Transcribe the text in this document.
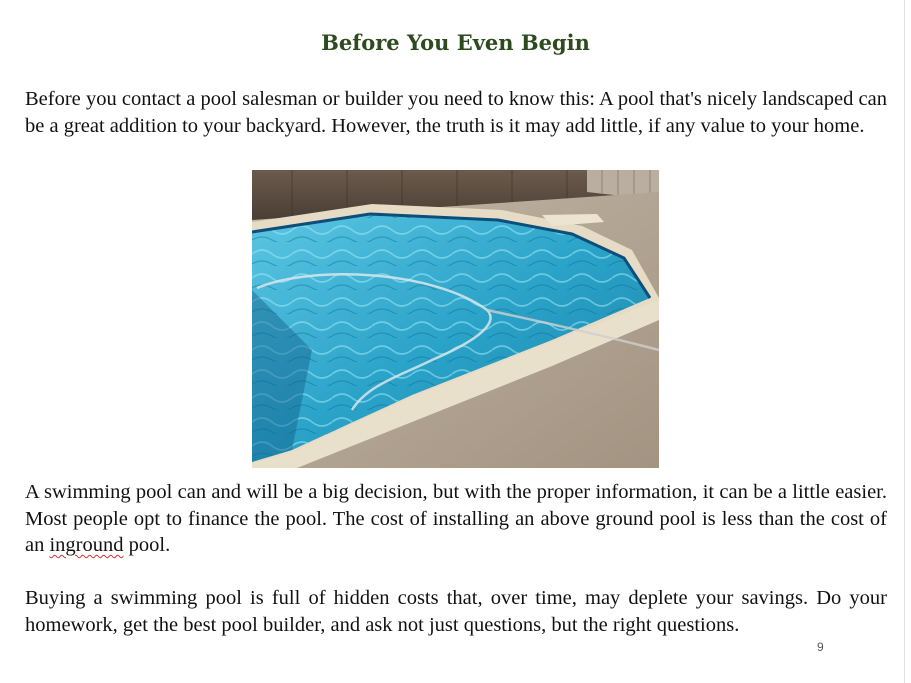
Before You Even Begin

Before you contact a pool salesman or builder you need to know this: A pool that's nicely landscaped can be a great addition to your backyard. However, the truth is it may add little, if any value to your home.

A swimming pool can and will be a big decision, but with the proper information, it can be a little easier. Most people opt to finance the pool. The cost of installing an above ground pool is less than the cost of an inground pool.

Buying a swimming pool is full of hidden costs that, over time, may deplete your savings. Do your homework, get the best pool builder, and ask not just questions, but the right questions.

9
